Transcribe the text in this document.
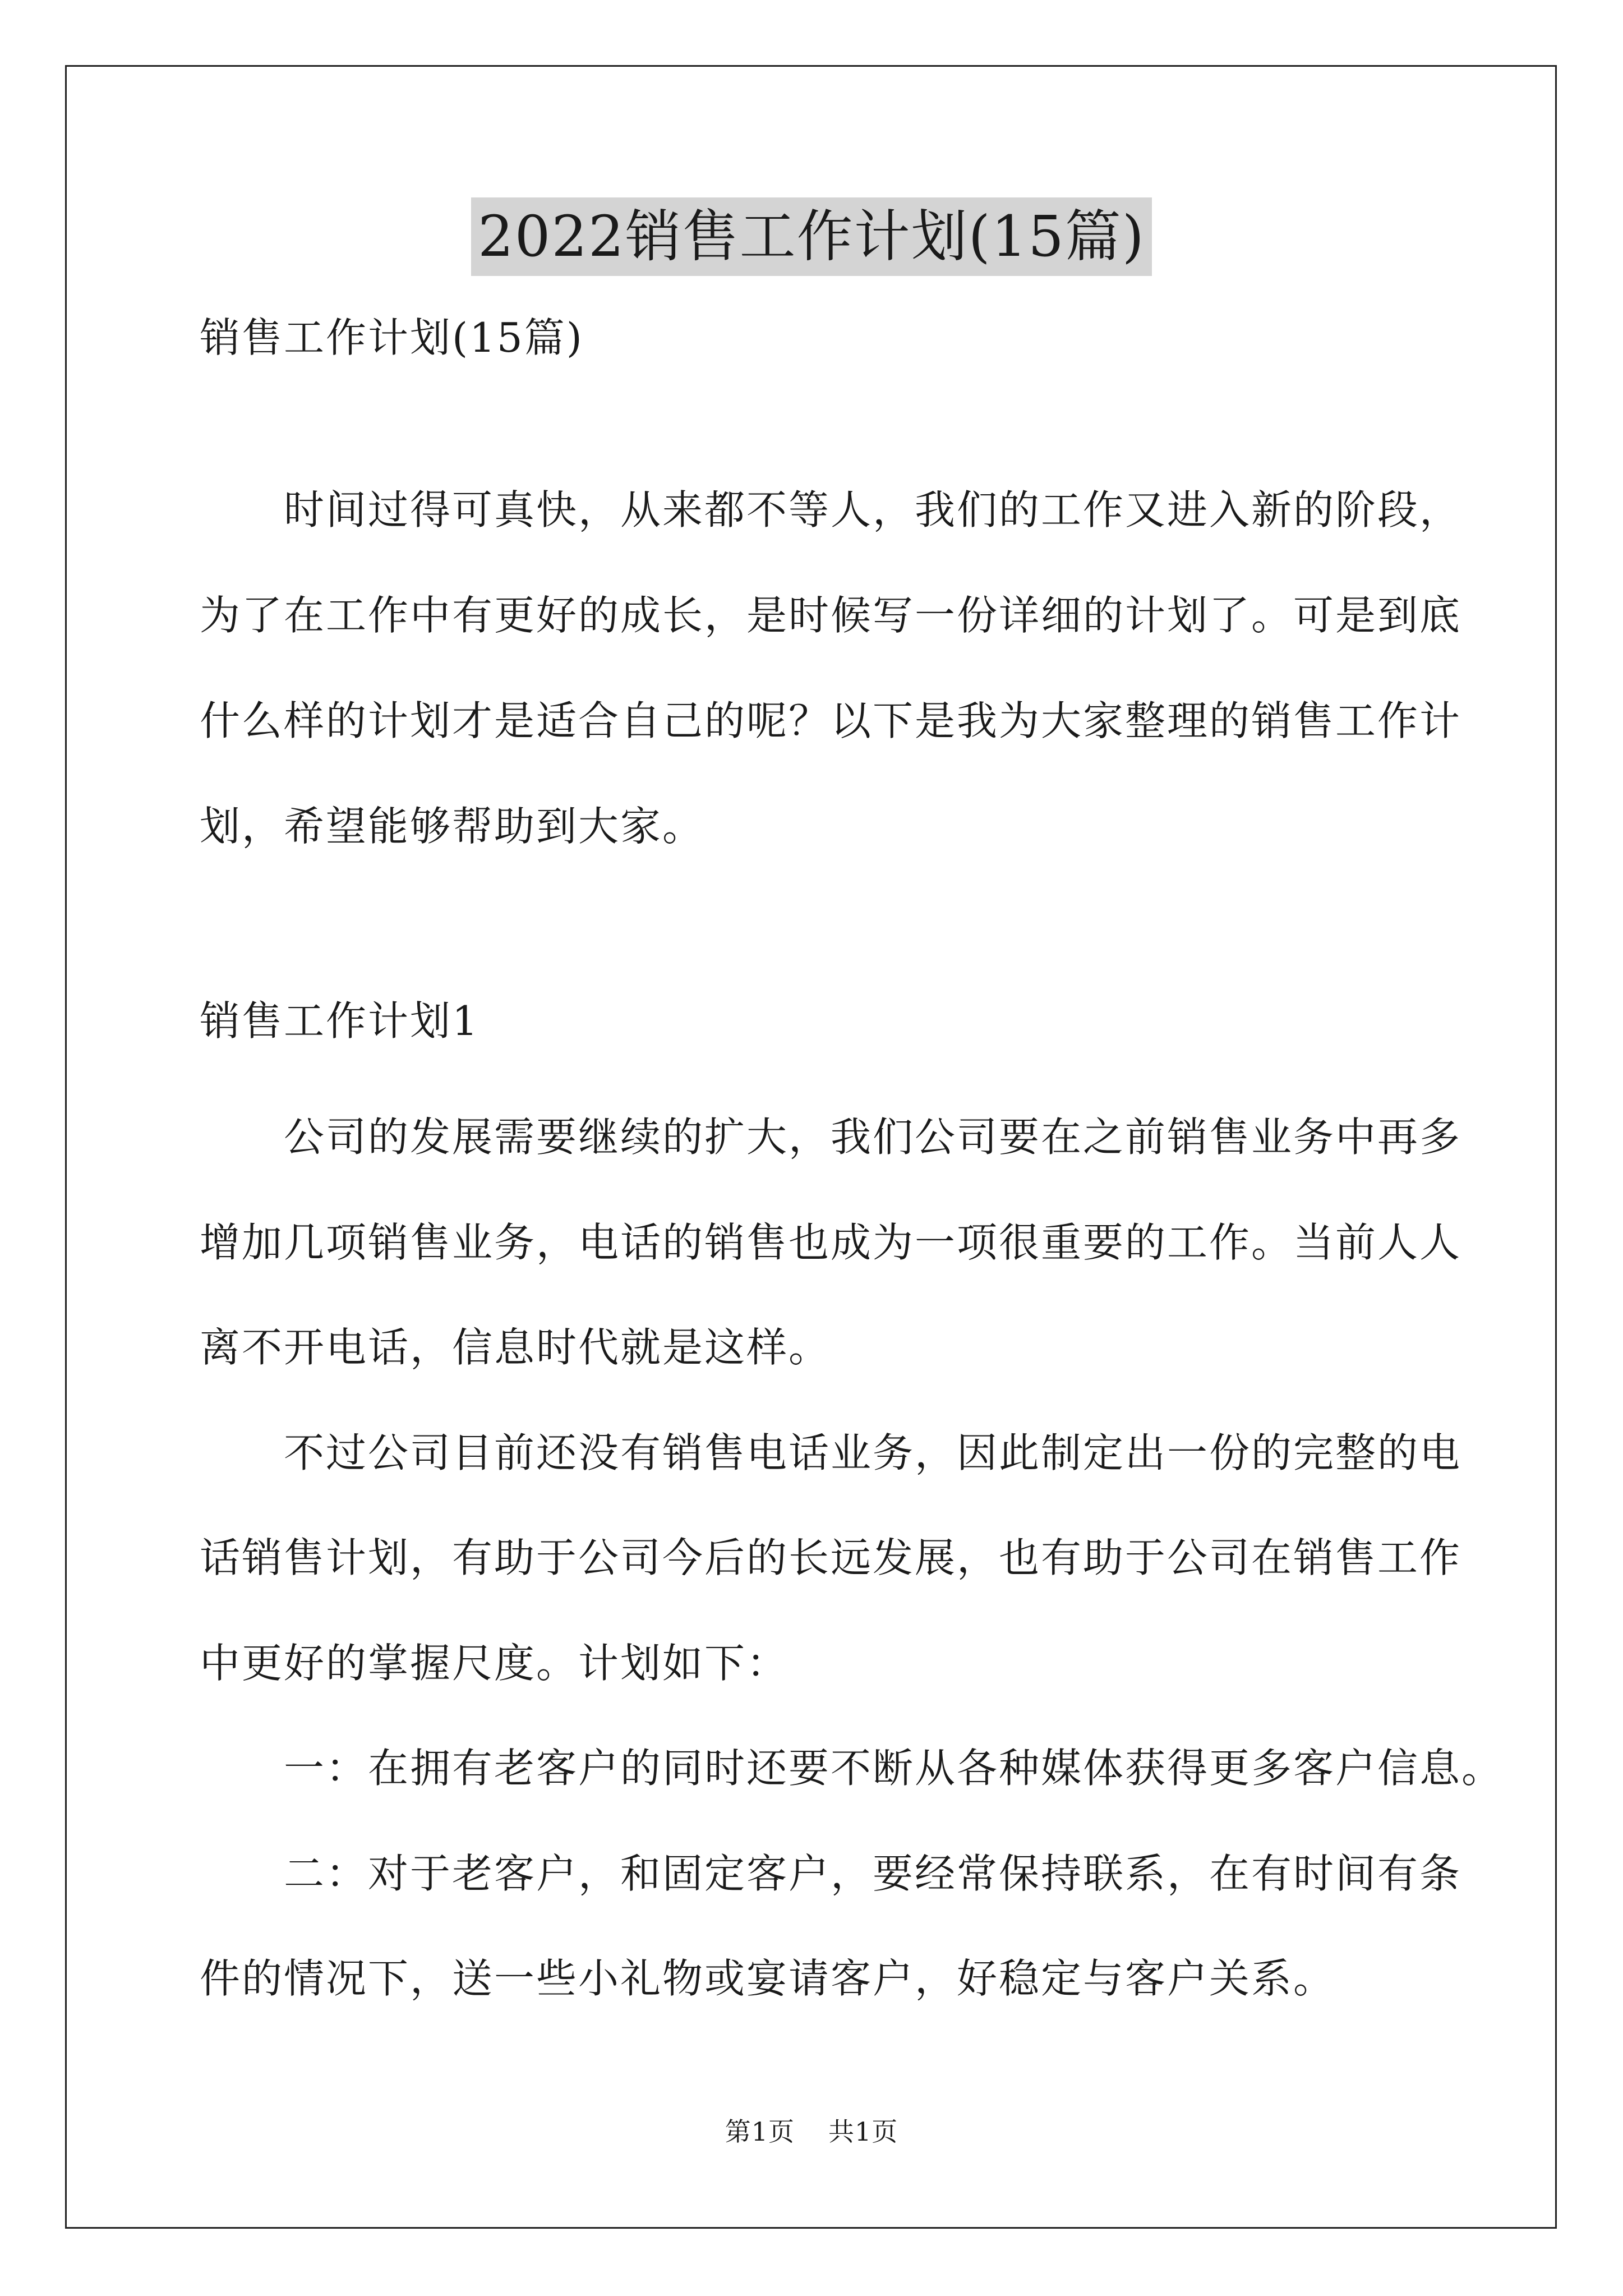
2022销售工作计划(15篇)
销售工作计划(15篇)
时间过得可真快，从来都不等人，我们的工作又进入新的阶段，
为了在工作中有更好的成长，是时候写一份详细的计划了。可是到底
什么样的计划才是适合自己的呢？以下是我为大家整理的销售工作计
划，希望能够帮助到大家。
销售工作计划1
公司的发展需要继续的扩大，我们公司要在之前销售业务中再多
增加几项销售业务，电话的销售也成为一项很重要的工作。当前人人
离不开电话，信息时代就是这样。
不过公司目前还没有销售电话业务，因此制定出一份的完整的电
话销售计划，有助于公司今后的长远发展，也有助于公司在销售工作
中更好的掌握尺度。计划如下：
一：在拥有老客户的同时还要不断从各种媒体获得更多客户信息。
二：对于老客户，和固定客户，要经常保持联系，在有时间有条
件的情况下，送一些小礼物或宴请客户，好稳定与客户关系。
第1页 共1页
